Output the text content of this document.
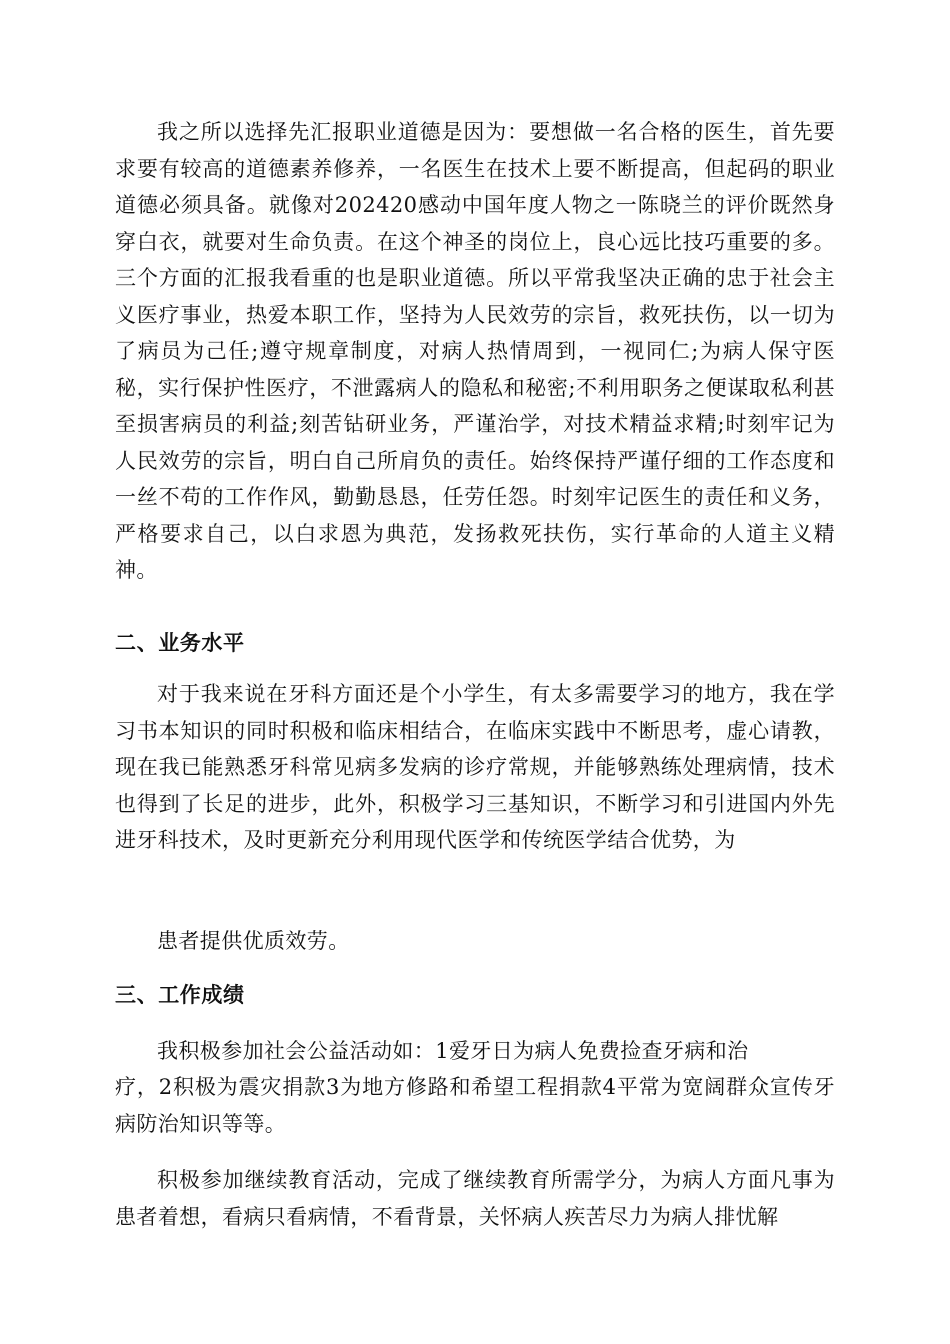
我之所以选择先汇报职业道德是因为：要想做一名合格的医生，首先要求要有较高的道德素养修养，一名医生在技术上要不断提高，但起码的职业道德必须具备。就像对202420感动中国年度人物之一陈晓兰的评价既然身穿白衣，就要对生命负责。在这个神圣的岗位上，良心远比技巧重要的多。三个方面的汇报我看重的也是职业道德。所以平常我坚决正确的忠于社会主义医疗事业，热爱本职工作，坚持为人民效劳的宗旨，救死扶伤，以一切为了病员为己任;遵守规章制度，对病人热情周到，一视同仁;为病人保守医秘，实行保护性医疗，不泄露病人的隐私和秘密;不利用职务之便谋取私利甚至损害病员的利益;刻苦钻研业务，严谨治学，对技术精益求精;时刻牢记为人民效劳的宗旨，明白自己所肩负的责任。始终保持严谨仔细的工作态度和一丝不苟的工作作风，勤勤恳恳，任劳任怨。时刻牢记医生的责任和义务，严格要求自己，以白求恩为典范，发扬救死扶伤，实行革命的人道主义精神。

二、业务水平

对于我来说在牙科方面还是个小学生，有太多需要学习的地方，我在学习书本知识的同时积极和临床相结合，在临床实践中不断思考，虚心请教，现在我已能熟悉牙科常见病多发病的诊疗常规，并能够熟练处理病情，技术也得到了长足的进步，此外，积极学习三基知识，不断学习和引进国内外先进牙科技术，及时更新充分利用现代医学和传统医学结合优势，为

患者提供优质效劳。

三、工作成绩

我积极参加社会公益活动如：1爱牙日为病人免费捡查牙病和治

疗，2积极为震灾捐款3为地方修路和希望工程捐款4平常为宽阔群众宣传牙病防治知识等等。

积极参加继续教育活动，完成了继续教育所需学分，为病人方面凡事为患者着想，看病只看病情，不看背景，关怀病人疾苦尽力为病人排忧解
